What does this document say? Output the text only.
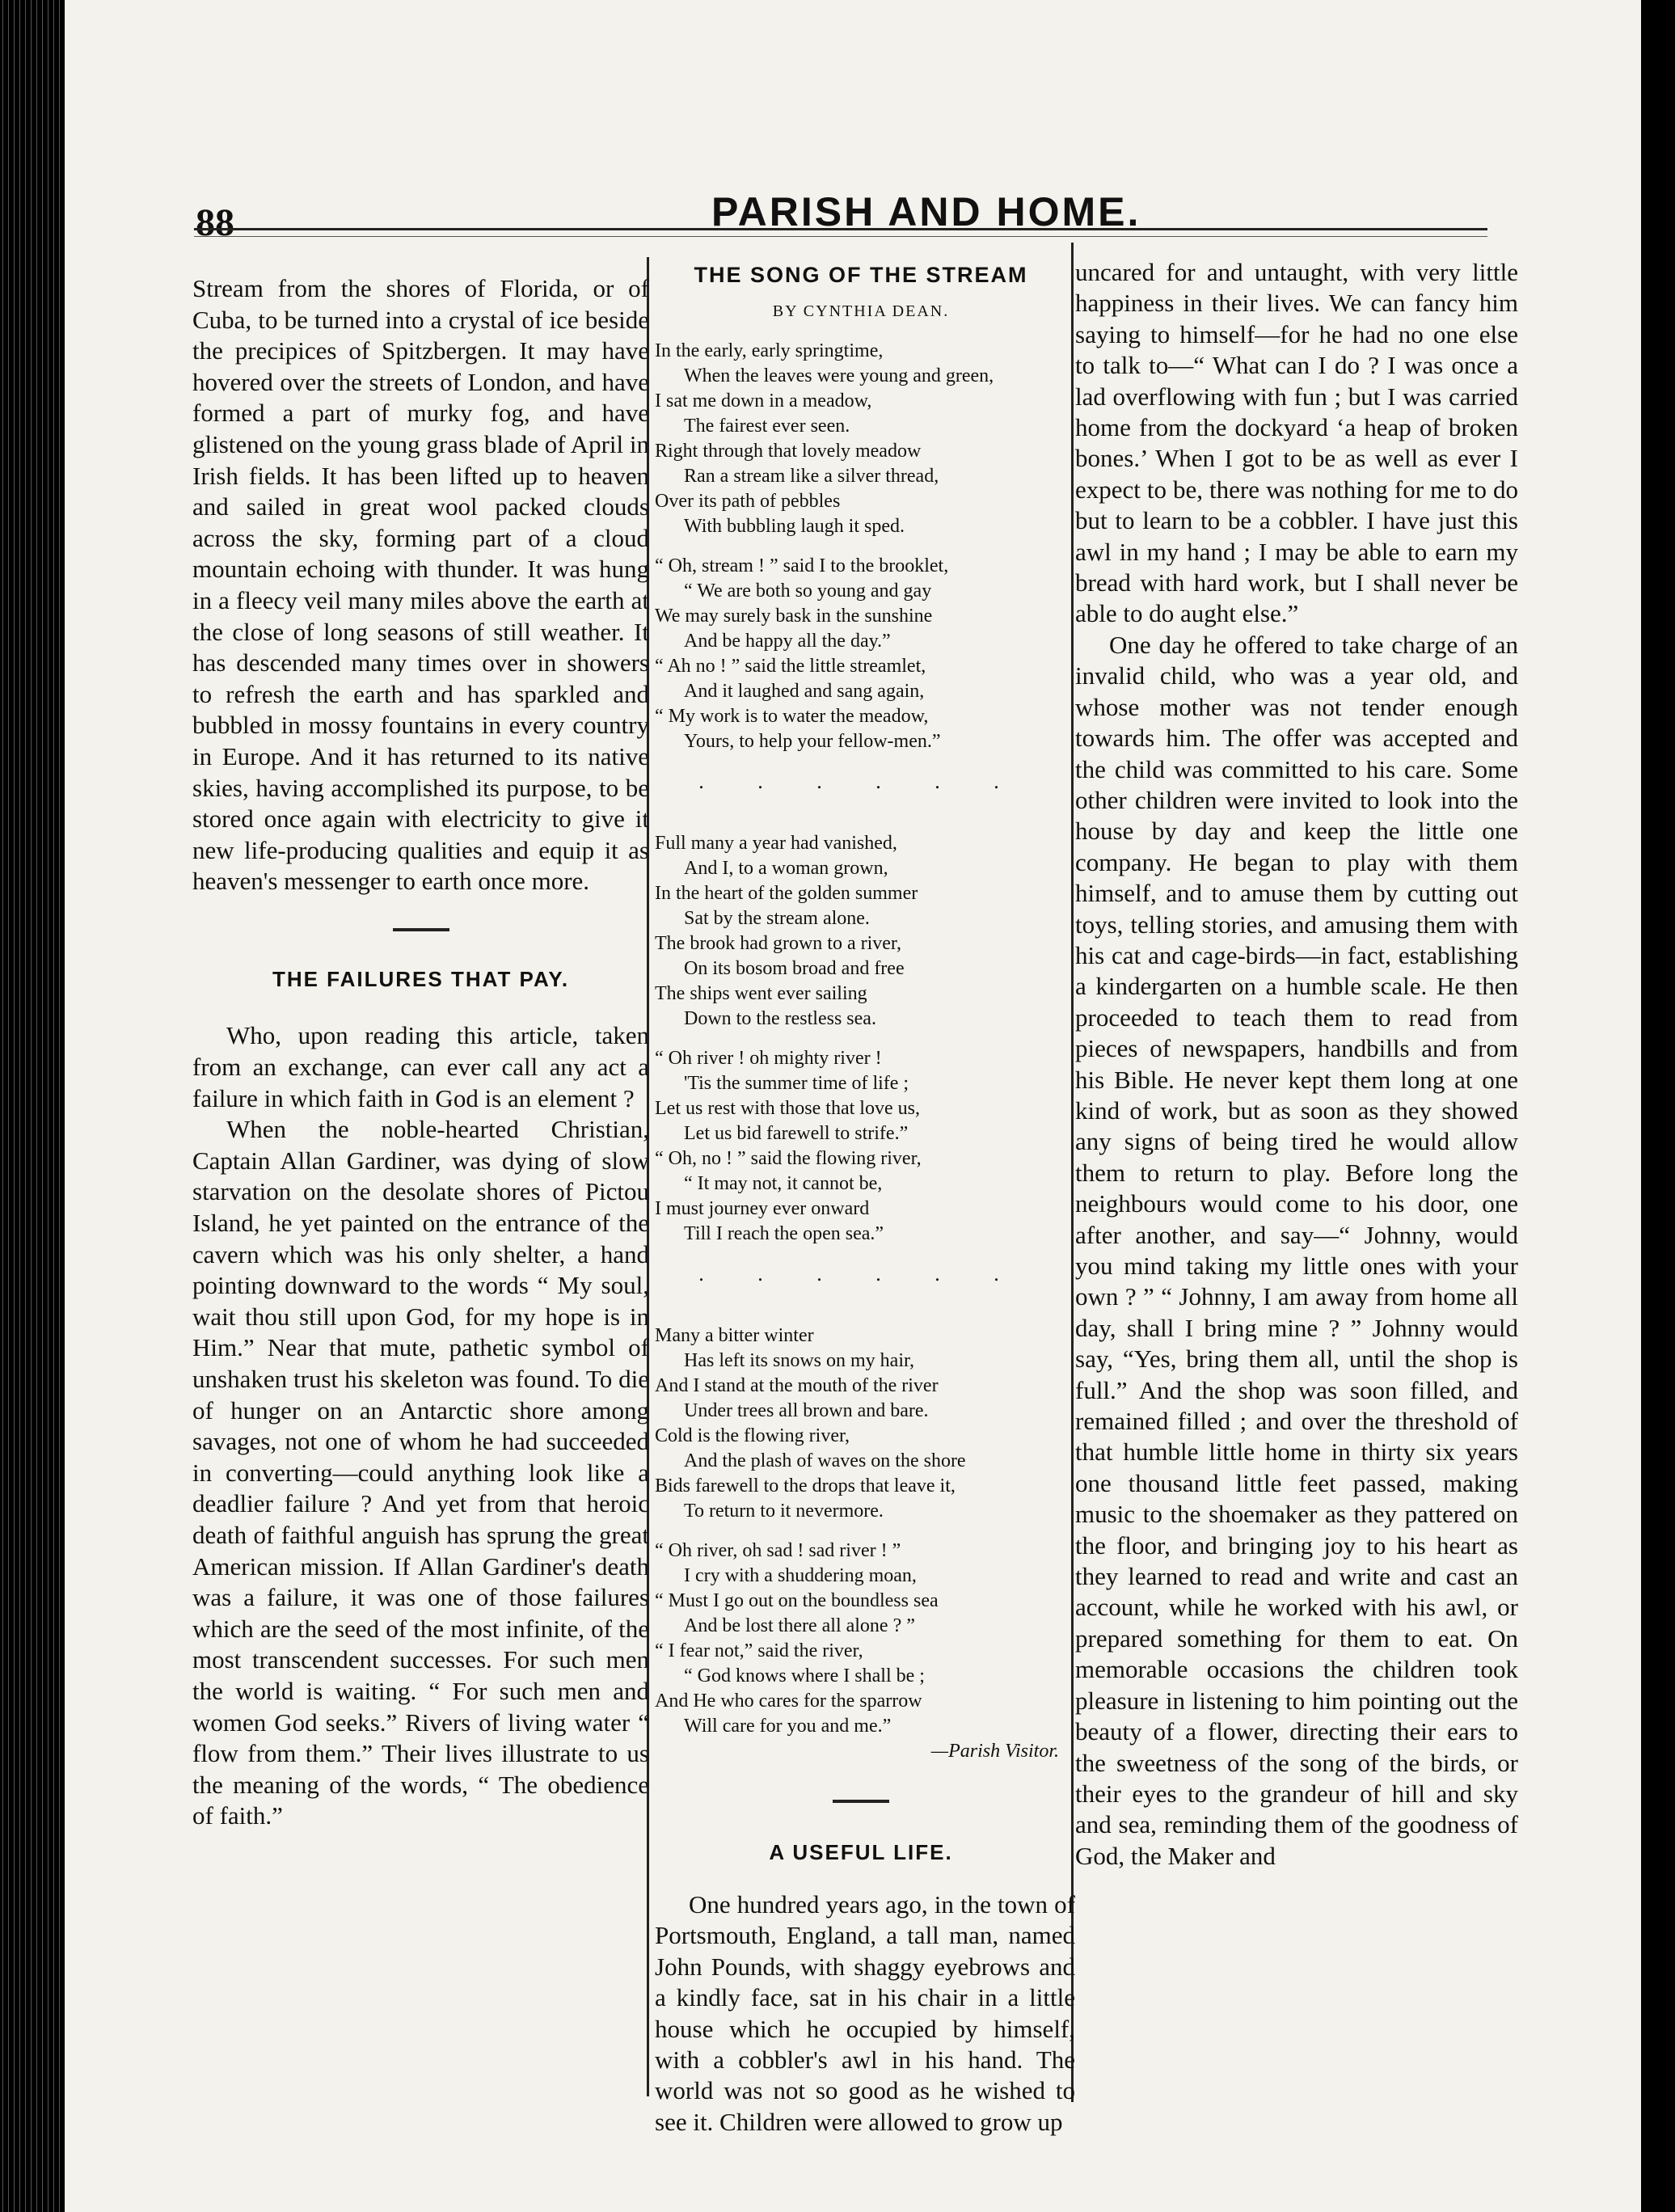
88	PARISH AND HOME.

Stream from the shores of Florida, or of Cuba, to be turned into a crystal of ice beside the precipices of Spitzbergen. It may have hovered over the streets of London, and have formed a part of murky fog, and have glistened on the young grass blade of April in Irish fields. It has been lifted up to heaven and sailed in great wool packed clouds across the sky, forming part of a cloud mountain echoing with thunder. It was hung in a fleecy veil many miles above the earth at the close of long seasons of still weather. It has descended many times over in showers to refresh the earth and has sparkled and bubbled in mossy fountains in every country in Europe. And it has returned to its native skies, having accomplished its purpose, to be stored once again with electricity to give it new life-producing qualities and equip it as heaven's messenger to earth once more.

THE FAILURES THAT PAY.

Who, upon reading this article, taken from an exchange, can ever call any act a failure in which faith in God is an element ?

When the noble-hearted Christian, Captain Allan Gardiner, was dying of slow starvation on the desolate shores of Pictou Island, he yet painted on the entrance of the cavern which was his only shelter, a hand pointing downward to the words “ My soul, wait thou still upon God, for my hope is in Him.” Near that mute, pathetic symbol of unshaken trust his skeleton was found. To die of hunger on an Antarctic shore among savages, not one of whom he had succeeded in converting—could anything look like a deadlier failure ? And yet from that heroic death of faithful anguish has sprung the great American mission. If Allan Gardiner's death was a failure, it was one of those failures which are the seed of the most infinite, of the most transcendent successes. For such men the world is waiting. “ For such men and women God seeks.” Rivers of living water “ flow from them.” Their lives illustrate to us the meaning of the words, “ The obedience of faith.”

THE SONG OF THE STREAM
BY CYNTHIA DEAN.
In the early, early springtime,
When the leaves were young and green,
I sat me down in a meadow,
The fairest ever seen.
Right through that lovely meadow
Ran a stream like a silver thread,
Over its path of pebbles
With bubbling laugh it sped.
“ Oh, stream ! ” said I to the brooklet,
“ We are both so young and gay
We may surely bask in the sunshine
And be happy all the day.”
“ Ah no ! ” said the little streamlet,
And it laughed and sang again,
“ My work is to water the meadow,
Yours, to help your fellow-men.”
. . . . . .
Full many a year had vanished,
And I, to a woman grown,
In the heart of the golden summer
Sat by the stream alone.
The brook had grown to a river,
On its bosom broad and free
The ships went ever sailing
Down to the restless sea.
“ Oh river ! oh mighty river !
'Tis the summer time of life ;
Let us rest with those that love us,
Let us bid farewell to strife.”
“ Oh, no ! ” said the flowing river,
“ It may not, it cannot be,
I must journey ever onward
Till I reach the open sea.”
. . . . . .
Many a bitter winter
Has left its snows on my hair,
And I stand at the mouth of the river
Under trees all brown and bare.
Cold is the flowing river,
And the plash of waves on the shore
Bids farewell to the drops that leave it,
To return to it nevermore.
“ Oh river, oh sad ! sad river ! ”
I cry with a shuddering moan,
“ Must I go out on the boundless sea
And be lost there all alone ? ”
“ I fear not,” said the river,
“ God knows where I shall be ;
And He who cares for the sparrow
Will care for you and me.”
—Parish Visitor.
A USEFUL LIFE.

One hundred years ago, in the town of Portsmouth, England, a tall man, named John Pounds, with shaggy eyebrows and a kindly face, sat in his chair in a little house which he occupied by himself, with a cobbler's awl in his hand. The world was not so good as he wished to see it. Children were allowed to grow up

uncared for and untaught, with very little happiness in their lives. We can fancy him saying to himself—for he had no one else to talk to—“ What can I do ? I was once a lad overflowing with fun ; but I was carried home from the dockyard ‘a heap of broken bones.’ When I got to be as well as ever I expect to be, there was nothing for me to do but to learn to be a cobbler. I have just this awl in my hand ; I may be able to earn my bread with hard work, but I shall never be able to do aught else.”

One day he offered to take charge of an invalid child, who was a year old, and whose mother was not tender enough towards him. The offer was accepted and the child was committed to his care. Some other children were invited to look into the house by day and keep the little one company. He began to play with them himself, and to amuse them by cutting out toys, telling stories, and amusing them with his cat and cage-birds—in fact, establishing a kindergarten on a humble scale. He then proceeded to teach them to read from pieces of newspapers, handbills and from his Bible. He never kept them long at one kind of work, but as soon as they showed any signs of being tired he would allow them to return to play. Before long the neighbours would come to his door, one after another, and say—“ Johnny, would you mind taking my little ones with your own ? ” “ Johnny, I am away from home all day, shall I bring mine ? ” Johnny would say, “Yes, bring them all, until the shop is full.” And the shop was soon filled, and remained filled ; and over the threshold of that humble little home in thirty six years one thousand little feet passed, making music to the shoemaker as they pattered on the floor, and bringing joy to his heart as they learned to read and write and cast an account, while he worked with his awl, or prepared something for them to eat. On memorable occasions the children took pleasure in listening to him pointing out the beauty of a flower, directing their ears to the sweetness of the song of the birds, or their eyes to the grandeur of hill and sky and sea, reminding them of the goodness of God, the Maker and
